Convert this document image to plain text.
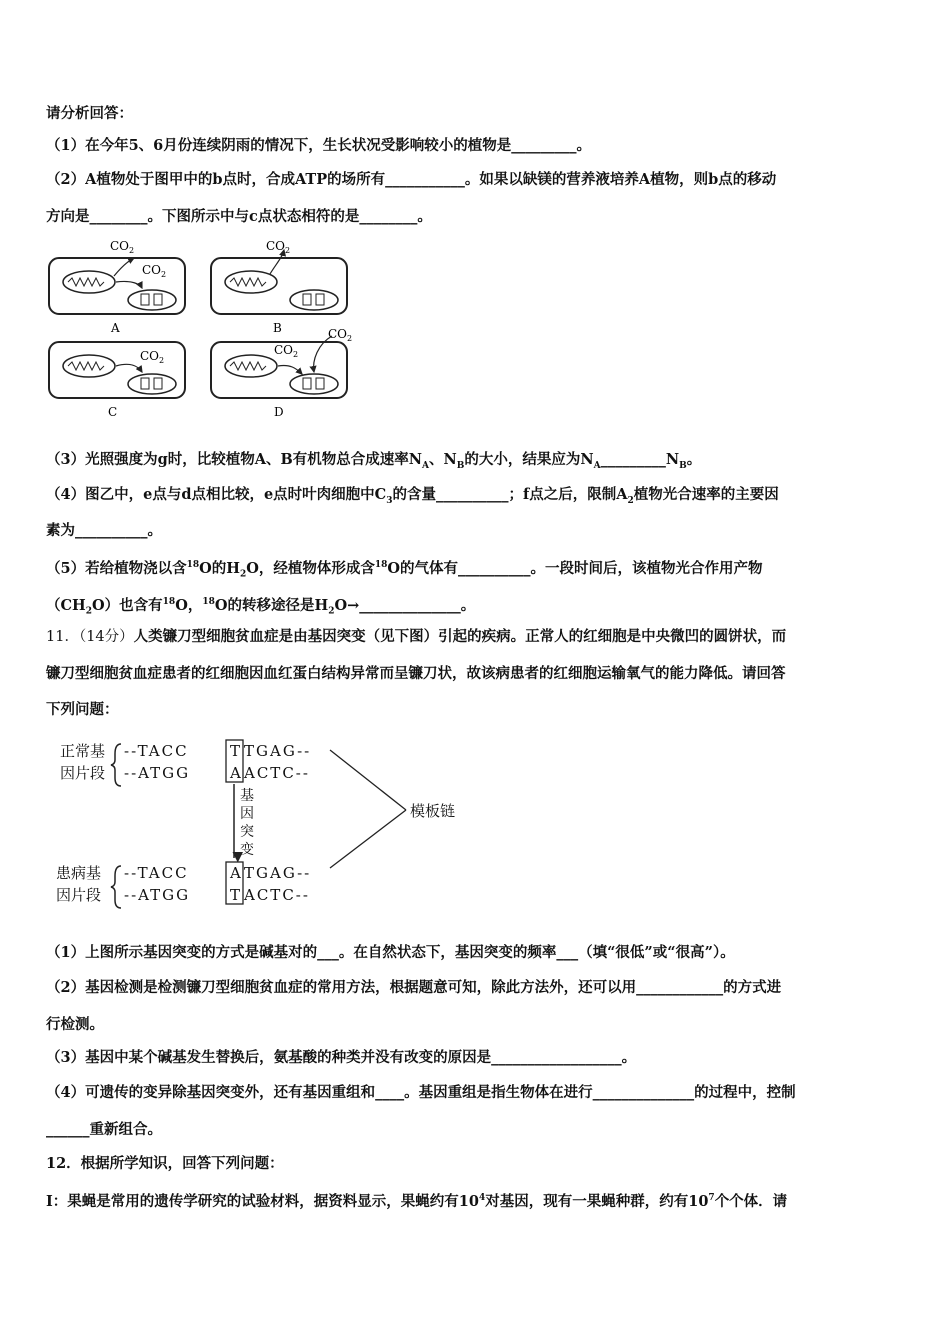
请分析回答：
（1）在今年5、6月份连续阴雨的情况下，生长状况受影响较小的植物是_________。
（2）A植物处于图甲中的b点时，合成ATP的场所有___________。如果以缺镁的营养液培养A植物，则b点的移动
方向是________。下图所示中与c点状态相符的是________。
$CO_2$
$CO_2$
A
$CO_2$
B
$CO_2$
C
$CO_2$
$CO_2$
D
（3）光照强度为g时，比较植物A、B有机物总合成速率$N_A$、$N_B$的大小，结果应为$N_A\_\_\_\_\_\_\_\_\_N_B$。
（4）图乙中，e点与d点相比较，e点时叶肉细胞中$C_3$的含量__________；f点之后，限制$A_2$植物光合速率的主要因
素为__________。
（5）若给植物浇以含$^{18}$O的$H_2O$，经植物体形成含$^{18}$O的气体有__________。一段时间后，该植物光合作用产物
$(CH_2O)$也含有$^{18}$O，$^{18}$O的转移途径是$H_2O\to\_\_\_\_\_\_\_\_\_\_\_\_\_\_$。
11．（14分）人类镰刀型细胞贫血症是由基因突变（见下图）引起的疾病。正常人的红细胞是中央微凹的圆饼状，而
镰刀型细胞贫血症患者的红细胞因血红蛋白结构异常而呈镰刀状，故该病患者的红细胞运输氧气的能力降低。请回答
下列问题：
正常基
因片段
--TACC	T TGAG--
--ATGG	A ACTC--
基
因
突
变
模板链
患病基
因片段
--TACC	A TGAG--
--ATGG	T ACTC--
（1）上图所示基因突变的方式是碱基对的___。在自然状态下，基因突变的频率___（填“很低”或“很高”）。
（2）基因检测是检测镰刀型细胞贫血症的常用方法，根据题意可知，除此方法外，还可以用____________的方式进
行检测。
（3）基因中某个碱基发生替换后，氨基酸的种类并没有改变的原因是__________________。
（4）可遗传的变异除基因突变外，还有基因重组和____。基因重组是指生物体在进行______________的过程中，控制
______重新组合。
12．根据所学知识，回答下列问题：
I：果蝇是常用的遗传学研究的试验材料，据资料显示，果蝇约有$10^4$对基因，现有一果蝇种群，约有$10^7$个个体．请
